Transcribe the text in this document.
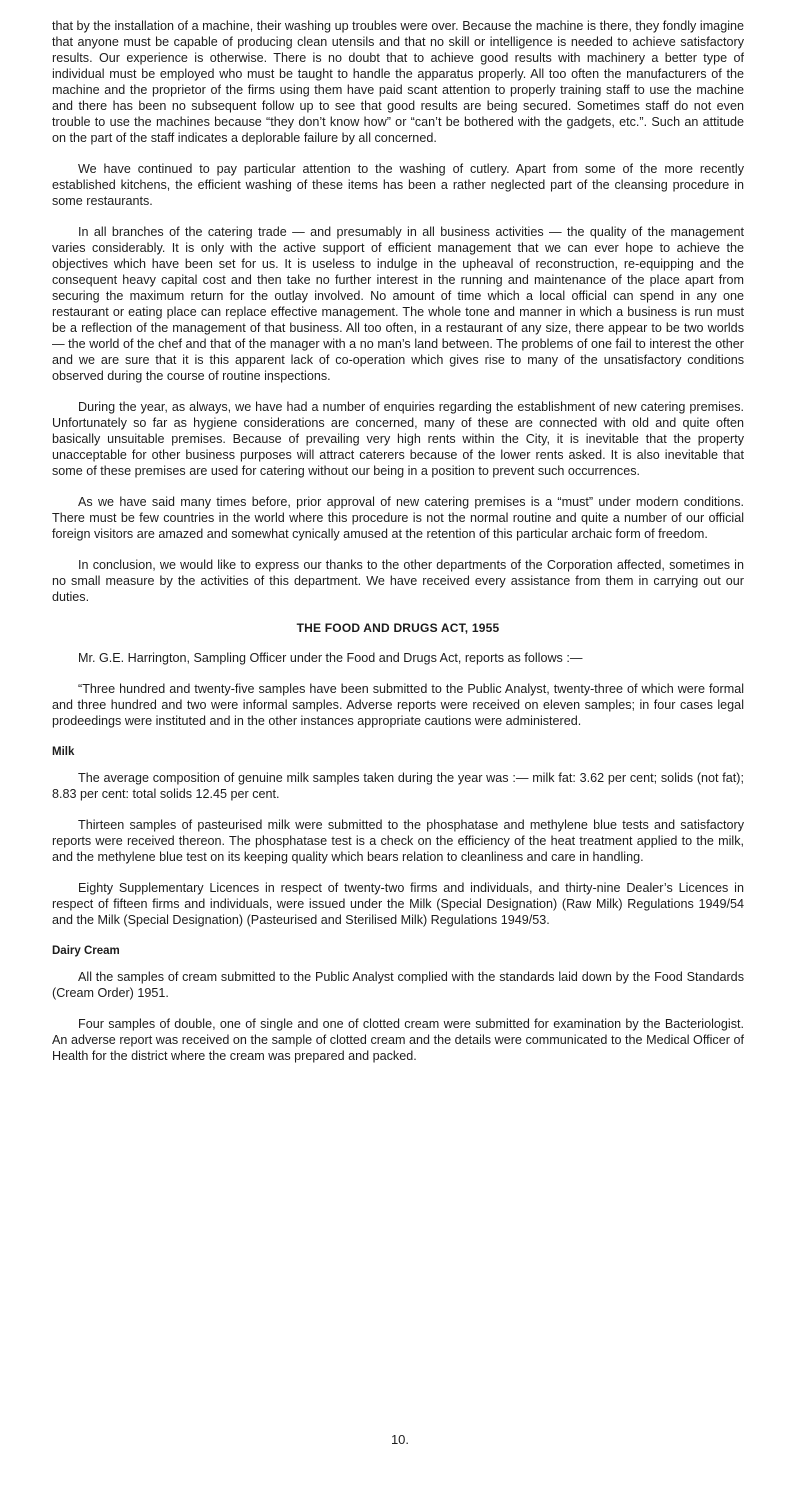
that by the installation of a machine, their washing up troubles were over. Because the machine is there, they fondly imagine that anyone must be capable of producing clean utensils and that no skill or intelligence is needed to achieve satisfactory results. Our experience is otherwise. There is no doubt that to achieve good results with machinery a better type of individual must be employed who must be taught to handle the apparatus properly. All too often the manufacturers of the machine and the proprietor of the firms using them have paid scant attention to properly training staff to use the machine and there has been no subsequent follow up to see that good results are being secured. Sometimes staff do not even trouble to use the machines because “they don’t know how” or “can’t be bothered with the gadgets, etc.”. Such an attitude on the part of the staff indicates a deplorable failure by all concerned.

We have continued to pay particular attention to the washing of cutlery. Apart from some of the more recently established kitchens, the efficient washing of these items has been a rather neglected part of the cleansing procedure in some restaurants.

In all branches of the catering trade — and presumably in all business activities — the quality of the management varies considerably. It is only with the active support of efficient management that we can ever hope to achieve the objectives which have been set for us. It is useless to indulge in the upheaval of reconstruction, re-equipping and the consequent heavy capital cost and then take no further interest in the running and maintenance of the place apart from securing the maximum return for the outlay involved. No amount of time which a local official can spend in any one restaurant or eating place can replace effective management. The whole tone and manner in which a business is run must be a reflection of the management of that business. All too often, in a restaurant of any size, there appear to be two worlds — the world of the chef and that of the manager with a no man’s land between. The problems of one fail to interest the other and we are sure that it is this apparent lack of co-operation which gives rise to many of the unsatisfactory conditions observed during the course of routine inspections.

During the year, as always, we have had a number of enquiries regarding the establishment of new catering premises. Unfortunately so far as hygiene considerations are concerned, many of these are connected with old and quite often basically unsuitable premises. Because of prevailing very high rents within the City, it is inevitable that the property unacceptable for other business purposes will attract caterers because of the lower rents asked. It is also inevitable that some of these premises are used for catering without our being in a position to prevent such occurrences.

As we have said many times before, prior approval of new catering premises is a “must” under modern conditions. There must be few countries in the world where this procedure is not the normal routine and quite a number of our official foreign visitors are amazed and somewhat cynically amused at the retention of this particular archaic form of freedom.

In conclusion, we would like to express our thanks to the other departments of the Corporation affected, sometimes in no small measure by the activities of this department. We have received every assistance from them in carrying out our duties.

THE FOOD AND DRUGS ACT, 1955

Mr. G.E. Harrington, Sampling Officer under the Food and Drugs Act, reports as follows :—

“Three hundred and twenty-five samples have been submitted to the Public Analyst, twenty-three of which were formal and three hundred and two were informal samples. Adverse reports were received on eleven samples; in four cases legal prodeedings were instituted and in the other instances appropriate cautions were administered.

Milk

The average composition of genuine milk samples taken during the year was :— milk fat: 3.62 per cent; solids (not fat); 8.83 per cent: total solids 12.45 per cent.

Thirteen samples of pasteurised milk were submitted to the phosphatase and methylene blue tests and satisfactory reports were received thereon. The phosphatase test is a check on the efficiency of the heat treatment applied to the milk, and the methylene blue test on its keeping quality which bears relation to cleanliness and care in handling.

Eighty Supplementary Licences in respect of twenty-two firms and individuals, and thirty-nine Dealer’s Licences in respect of fifteen firms and individuals, were issued under the Milk (Special Designation) (Raw Milk) Regulations 1949/54 and the Milk (Special Designation) (Pasteurised and Sterilised Milk) Regulations 1949/53.

Dairy Cream

All the samples of cream submitted to the Public Analyst complied with the standards laid down by the Food Standards (Cream Order) 1951.

Four samples of double, one of single and one of clotted cream were submitted for examination by the Bacteriologist. An adverse report was received on the sample of clotted cream and the details were communicated to the Medical Officer of Health for the district where the cream was prepared and packed.

10.
